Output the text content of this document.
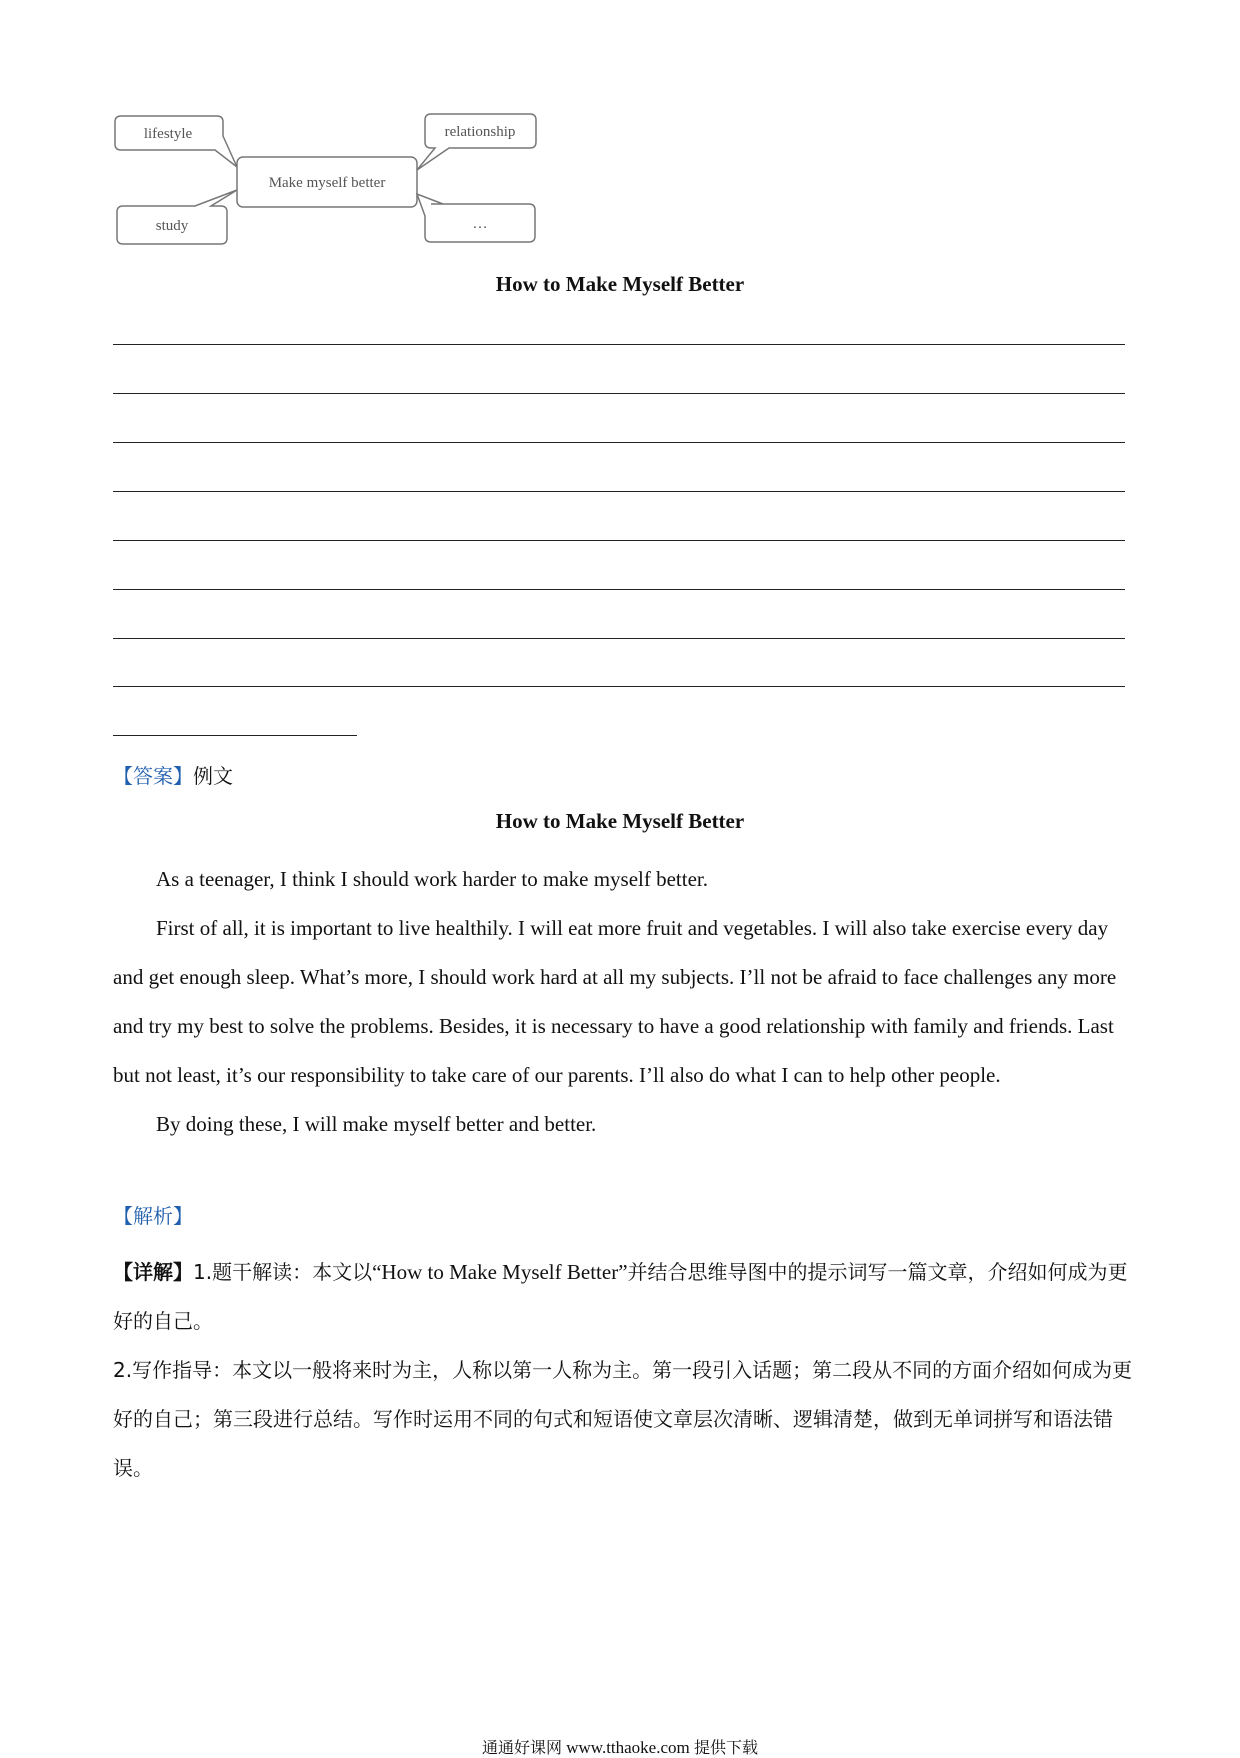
Make myself better
lifestyle	relationship
study	…
How to Make Myself Better
【答案】例文
How to Make Myself Better

As a teenager, I think I should work harder to make myself better.

First of all, it is important to live healthily. I will eat more fruit and vegetables. I will also take exercise every day and get enough sleep. What’s more, I should work hard at all my subjects. I’ll not be afraid to face challenges any more and try my best to solve the problems. Besides, it is necessary to have a good relationship with family and friends. Last but not least, it’s our responsibility to take care of our parents. I’ll also do what I can to help other people.

By doing these, I will make myself better and better.

【解析】

【详解】1.题干解读：本文以“How to Make Myself Better”并结合思维导图中的提示词写一篇文章，介绍如何成为更好的自己。

2.写作指导：本文以一般将来时为主，人称以第一人称为主。第一段引入话题；第二段从不同的方面介绍如何成为更好的自己；第三段进行总结。写作时运用不同的句式和短语使文章层次清晰、逻辑清楚，做到无单词拼写和语法错误。

通通好课网 www.tthaoke.com 提供下载
